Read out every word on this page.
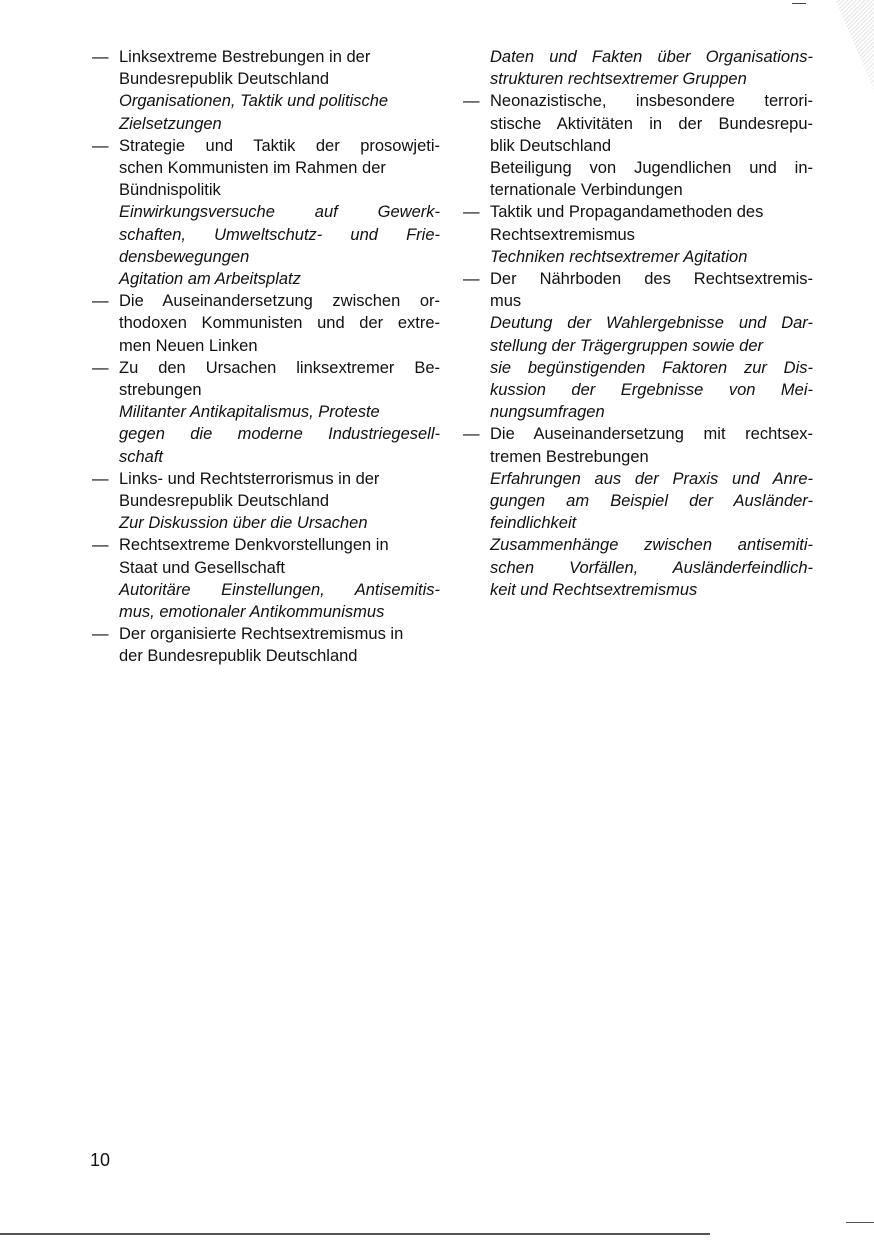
— Linksextreme Bestrebungen in der
Bundesrepublik Deutschland
Organisationen, Taktik und politische
Zielsetzungen
— Strategie und Taktik der prosowjeti-
schen Kommunisten im Rahmen der
Bündnispolitik
Einwirkungsversuche auf Gewerk-
schaften, Umweltschutz- und Frie-
densbewegungen
Agitation am Arbeitsplatz
— Die Auseinandersetzung zwischen or-
thodoxen Kommunisten und der extre-
men Neuen Linken
— Zu den Ursachen linksextremer Be-
strebungen
Militanter Antikapitalismus, Proteste
gegen die moderne Industriegesell-
schaft
— Links- und Rechtsterrorismus in der
Bundesrepublik Deutschland
Zur Diskussion über die Ursachen
— Rechtsextreme Denkvorstellungen in
Staat und Gesellschaft
Autoritäre Einstellungen, Antisemitis-
mus, emotionaler Antikommunismus
— Der organisierte Rechtsextremismus in
der Bundesrepublik Deutschland
Daten und Fakten über Organisations-
strukturen rechtsextremer Gruppen
— Neonazistische, insbesondere terrori-
stische Aktivitäten in der Bundesrepu-
blik Deutschland
Beteiligung von Jugendlichen und in-
ternationale Verbindungen
— Taktik und Propagandamethoden des
Rechtsextremismus
Techniken rechtsextremer Agitation
— Der Nährboden des Rechtsextremis-
mus
Deutung der Wahlergebnisse und Dar-
stellung der Trägergruppen sowie der
sie begünstigenden Faktoren zur Dis-
kussion der Ergebnisse von Mei-
nungsumfragen
— Die Auseinandersetzung mit rechtsex-
tremen Bestrebungen
Erfahrungen aus der Praxis und Anre-
gungen am Beispiel der Ausländer-
feindlichkeit
Zusammenhänge zwischen antisemiti-
schen Vorfällen, Ausländerfeindlich-
keit und Rechtsextremismus
10
